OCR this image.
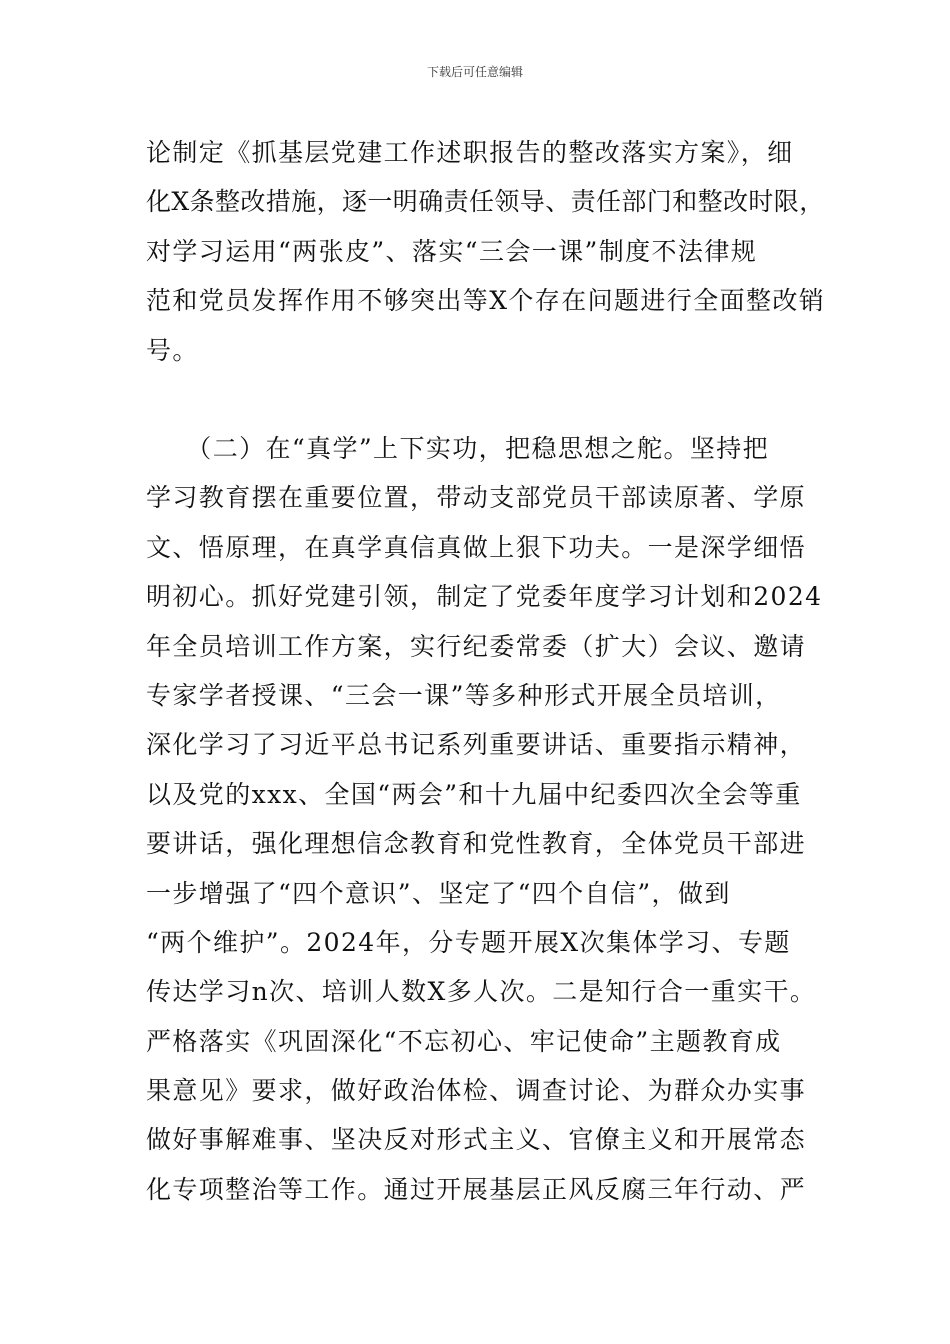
下载后可任意编辑
论制定《抓基层党建工作述职报告的整改落实方案》，细
化X条整改措施，逐一明确责任领导、责任部门和整改时限，
对学习运用“两张皮”、落实“三会一课”制度不法律规
范和党员发挥作用不够突出等X个存在问题进行全面整改销
号。
　　（二）在“真学”上下实功，把稳思想之舵。坚持把
学习教育摆在重要位置，带动支部党员干部读原著、学原
文、悟原理，在真学真信真做上狠下功夫。一是深学细悟
明初心。抓好党建引领，制定了党委年度学习计划和2024
年全员培训工作方案，实行纪委常委（扩大）会议、邀请
专家学者授课、“三会一课”等多种形式开展全员培训，
深化学习了习近平总书记系列重要讲话、重要指示精神，
以及党的xxx、全国“两会”和十九届中纪委四次全会等重
要讲话，强化理想信念教育和党性教育，全体党员干部进
一步增强了“四个意识”、坚定了“四个自信”，做到
“两个维护”。2024年，分专题开展X次集体学习、专题
传达学习n次、培训人数X多人次。二是知行合一重实干。
严格落实《巩固深化“不忘初心、牢记使命”主题教育成
果意见》要求，做好政治体检、调查讨论、为群众办实事
做好事解难事、坚决反对形式主义、官僚主义和开展常态
化专项整治等工作。通过开展基层正风反腐三年行动、严
